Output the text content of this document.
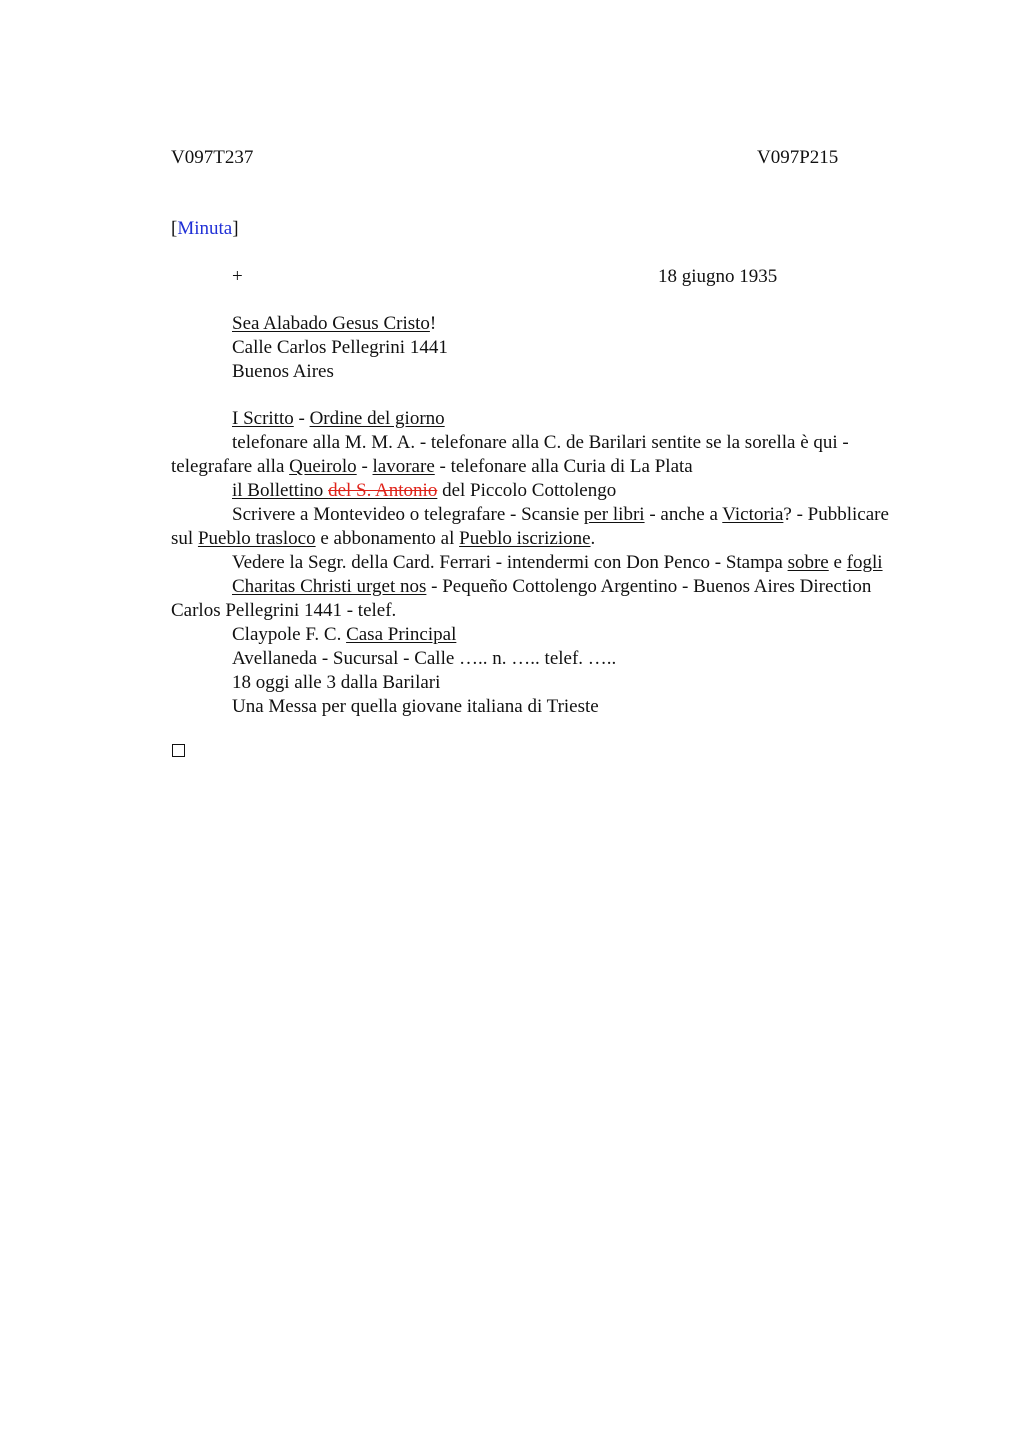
V097T237	V097P215
[Minuta]
+	18 giugno 1935
Sea Alabado Gesus Cristo!
Calle Carlos Pellegrini 1441
Buenos Aires

I Scritto - Ordine del giorno

telefonare alla M. M. A. - telefonare alla C. de Barilari sentite se la sorella è qui - telegrafare alla Queirolo - lavorare - telefonare alla Curia di La Plata

il Bollettino del S. Antonio del Piccolo Cottolengo

Scrivere a Montevideo o telegrafare - Scansie per libri - anche a Victoria? - Pubblicare sul Pueblo trasloco e abbonamento al Pueblo iscrizione.

Vedere la Segr. della Card. Ferrari - intendermi con Don Penco - Stampa sobre e fogli

Charitas Christi urget nos - Pequeño Cottolengo Argentino - Buenos Aires Direction Carlos Pellegrini 1441 - telef.

Claypole F. C. Casa Principal

Avellaneda - Sucursal - Calle ….. n. ….. telef. …..

18 oggi alle 3 dalla Barilari

Una Messa per quella giovane italiana di Trieste
